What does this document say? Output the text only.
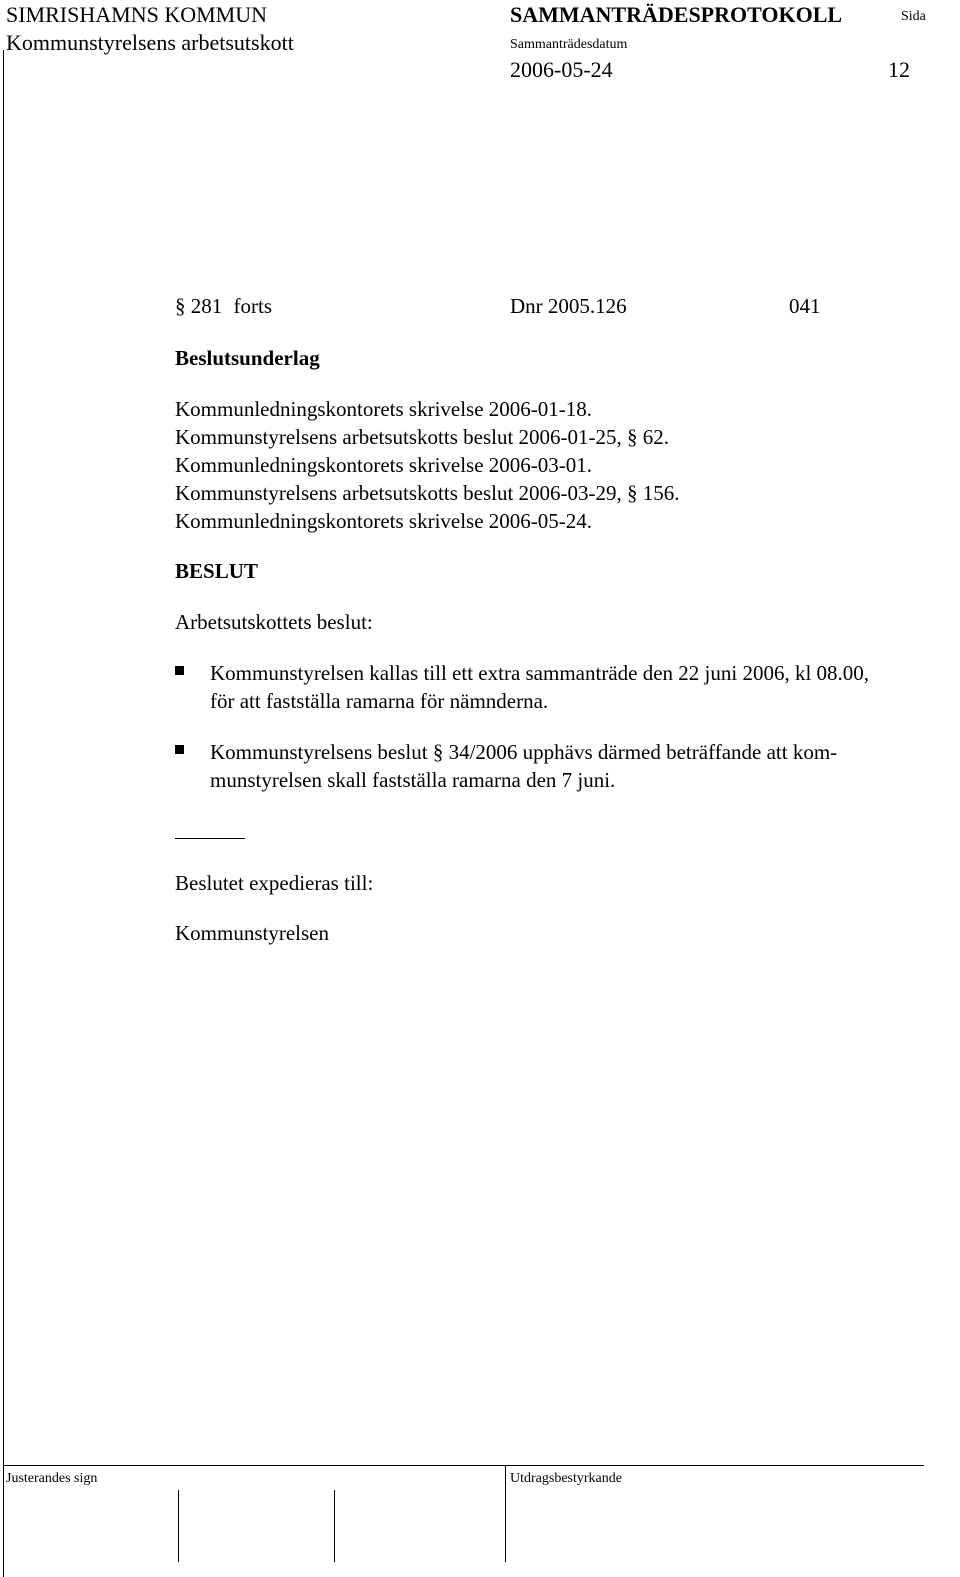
SIMRISHAMNS KOMMUN
Kommunstyrelsens arbetsutskott
SAMMANTRÄDESPROTOKOLL	Sida
Sammanträdesdatum
2006-05-24	12
§ 281 forts	Dnr 2005.126	041
Beslutsunderlag
Kommunledningskontorets skrivelse 2006-01-18.
Kommunstyrelsens arbetsutskotts beslut 2006-01-25, § 62.
Kommunledningskontorets skrivelse 2006-03-01.
Kommunstyrelsens arbetsutskotts beslut 2006-03-29, § 156.
Kommunledningskontorets skrivelse 2006-05-24.
BESLUT
Arbetsutskottets beslut:
Kommunstyrelsen kallas till ett extra sammanträde den 22 juni 2006, kl 08.00,
för att fastställa ramarna för nämnderna.
Kommunstyrelsens beslut § 34/2006 upphävs därmed beträffande att kom-
munstyrelsen skall fastställa ramarna den 7 juni.
Beslutet expedieras till:
Kommunstyrelsen
Justerandes sign	Utdragsbestyrkande
